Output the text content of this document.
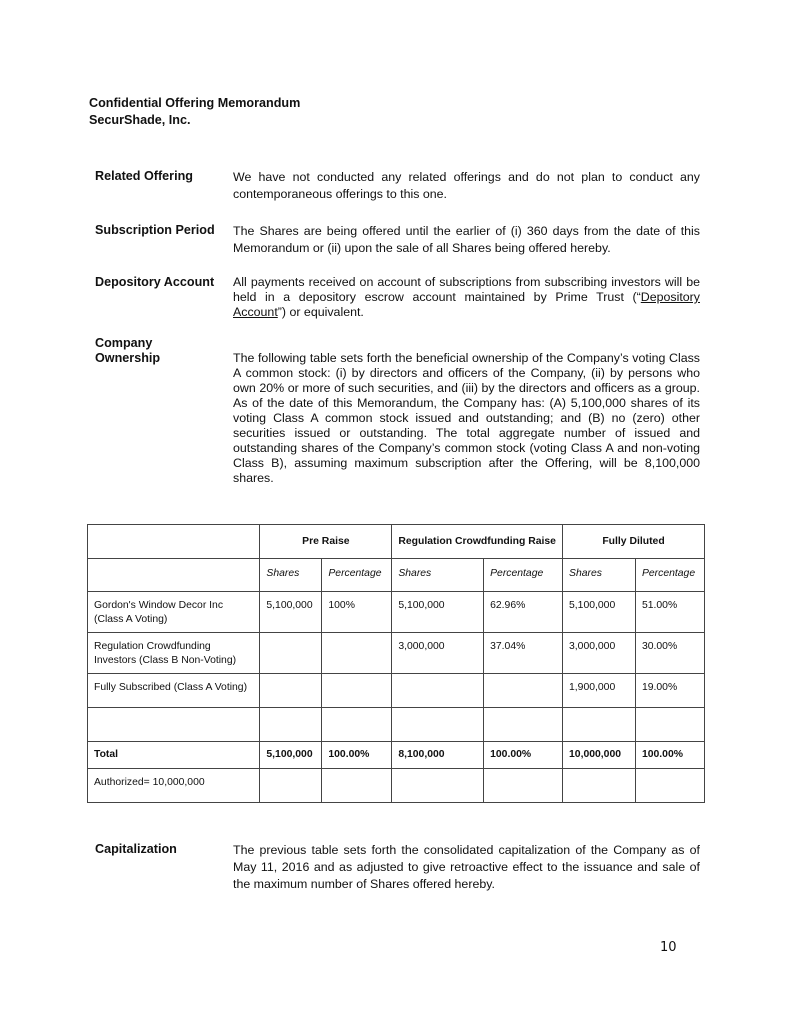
Confidential Offering Memorandum
SecurShade, Inc.
Related Offering	We have not conducted any related offerings and do not plan to conduct any contemporaneous offerings to this one.
Subscription Period The Shares are being offered until the earlier of (i) 360 days from the date of this Memorandum or (ii) upon the sale of all Shares being offered hereby.
Depository Account All payments received on account of subscriptions from subscribing investors will be held in a depository escrow account maintained by Prime Trust (“Depository Account”) or equivalent.
Company
Ownership	The following table sets forth the beneficial ownership of the Company’s voting Class A common stock: (i) by directors and officers of the Company, (ii) by persons who own 20% or more of such securities, and (iii) by the directors and officers as a group. As of the date of this Memorandum, the Company has: (A) 5,100,000 shares of its voting Class A common stock issued and outstanding; and (B) no (zero) other securities issued or outstanding. The total aggregate number of issued and outstanding shares of the Company’s common stock (voting Class A and non-voting Class B), assuming maximum subscription after the Offering, will be 8,100,000 shares.
	Pre Raise		Regulation Crowdfunding Raise		Fully Diluted	
	Shares	Percentage	Shares	Percentage	Shares	Percentage
Gordon's Window Decor Inc (Class A Voting)	5,100,000	100%	5,100,000	62.96%	5,100,000	51.00%
Regulation Crowdfunding Investors (Class B Non-Voting)			3,000,000	37.04%	3,000,000	30.00%
Fully Subscribed (Class A Voting)					1,900,000	19.00%

Total	5,100,000	100.00%	8,100,000	100.00%	10,000,000	100.00%
Authorized= 10,000,000						
Capitalization	The previous table sets forth the consolidated capitalization of the Company as of May 11, 2016 and as adjusted to give retroactive effect to the issuance and sale of the maximum number of Shares offered hereby.
10
